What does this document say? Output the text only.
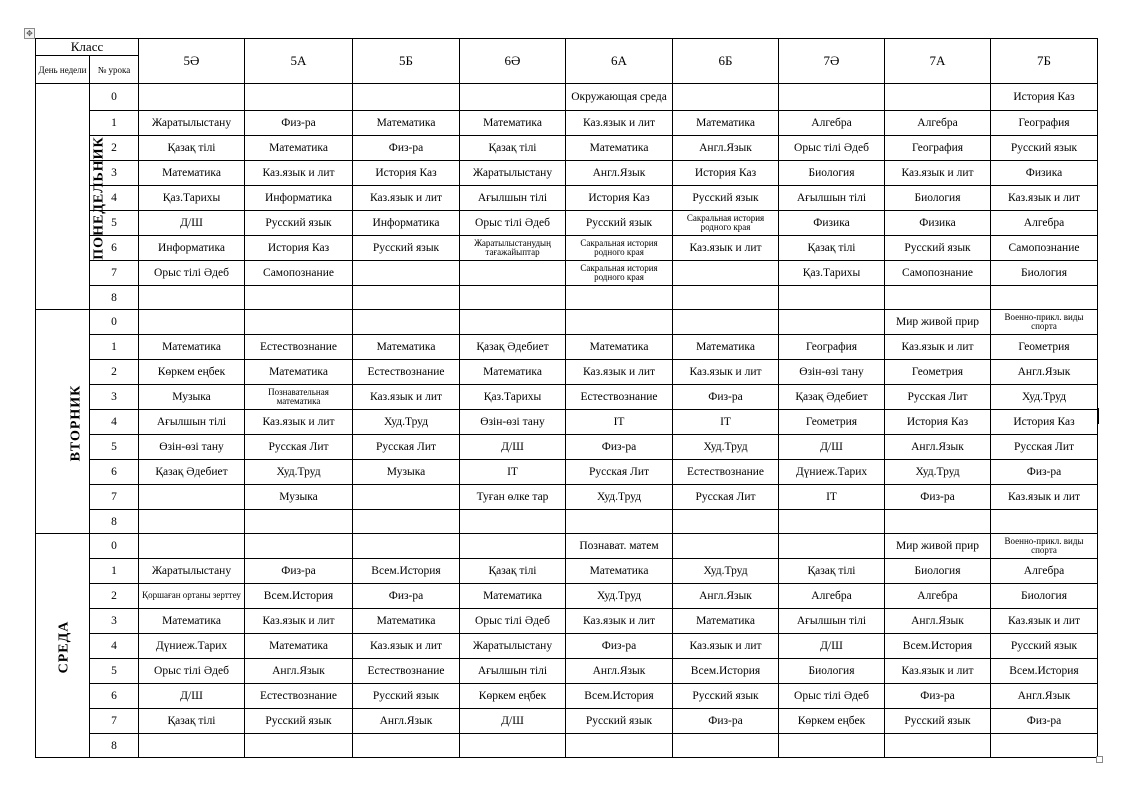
✥
Класс		5Ә	5А	5Б	6Ә	6А	6Б	7Ә	7А	7Б
День недели	№ урока									
ПОНЕДЕЛЬНИК	0					Окружающая среда				История Каз
	1	Жаратылыстану	Физ-ра	Математика	Математика	Каз.язык и лит	Математика	Алгебра	Алгебра	География
	2	Қазақ тілі	Математика	Физ-ра	Қазақ тілі	Математика	Англ.Язык	Орыс тілі Әдеб	География	Русский язык
	3	Математика	Каз.язык и лит	История Каз	Жаратылыстану	Англ.Язык	История Каз	Биология	Каз.язык и лит	Физика
	4	Қаз.Тарихы	Информатика	Каз.язык и лит	Ағылшын тілі	История Каз	Русский язык	Ағылшын тілі	Биология	Каз.язык и лит
	5	Д/Ш	Русский язык	Информатика	Орыс тілі Әдеб	Русский язык	Сакральная история родного края	Физика	Физика	Алгебра
	6	Информатика	История Каз	Русский язык	Жаратылыстанудың тағажайыптар	Сакральная история родного края	Каз.язык и лит	Қазақ тілі	Русский язык	Самопознание
	7	Орыс тілі Әдеб	Самопознание			Сакральная история родного края		Қаз.Тарихы	Самопознание	Биология
	8									
ВТОРНИК	0								Мир живой прир	Военно-прикл. виды спорта
	1	Математика	Естествознание	Математика	Қазақ Әдебиет	Математика	Математика	География	Каз.язык и лит	Геометрия
	2	Көркем еңбек	Математика	Естествознание	Математика	Каз.язык и лит	Каз.язык и лит	Өзін-өзі тану	Геометрия	Англ.Язык
	3	Музыка	Познавательная математика	Каз.язык и лит	Қаз.Тарихы	Естествознание	Физ-ра	Қазақ Әдебиет	Русская Лит	Худ.Труд
	4	Ағылшын тілі	Каз.язык и лит	Худ.Труд	Өзін-өзі тану	IT	IT	Геометрия	История Каз	История Каз
	5	Өзін-өзі тану	Русская Лит	Русская Лит	Д/Ш	Физ-ра	Худ.Труд	Д/Ш	Англ.Язык	Русская Лит
	6	Қазақ Әдебиет	Худ.Труд	Музыка	IT	Русская Лит	Естествознание	Дүниеж.Тарих	Худ.Труд	Физ-ра
	7		Музыка		Туған өлке тар	Худ.Труд	Русская Лит	IT	Физ-ра	Каз.язык и лит
	8									
СРЕДА	0					Познават. матем			Мир живой прир	Военно-прикл. виды спорта
	1	Жаратылыстану	Физ-ра	Всем.История	Қазақ тілі	Математика	Худ.Труд	Қазақ тілі	Биология	Алгебра
	2	Қоршаған ортаны зерттеу	Всем.История	Физ-ра	Математика	Худ.Труд	Англ.Язык	Алгебра	Алгебра	Биология
	3	Математика	Каз.язык и лит	Математика	Орыс тілі Әдеб	Каз.язык и лит	Математика	Ағылшын тілі	Англ.Язык	Каз.язык и лит
	4	Дүниеж.Тарих	Математика	Каз.язык и лит	Жаратылыстану	Физ-ра	Каз.язык и лит	Д/Ш	Всем.История	Русский язык
	5	Орыс тілі Әдеб	Англ.Язык	Естествознание	Ағылшын тілі	Англ.Язык	Всем.История	Биология	Каз.язык и лит	Всем.История
	6	Д/Ш	Естествознание	Русский язык	Көркем еңбек	Всем.История	Русский язык	Орыс тілі Әдеб	Физ-ра	Англ.Язык
	7	Қазақ тілі	Русский язык	Англ.Язык	Д/Ш	Русский язык	Физ-ра	Көркем еңбек	Русский язык	Физ-ра
	8									
